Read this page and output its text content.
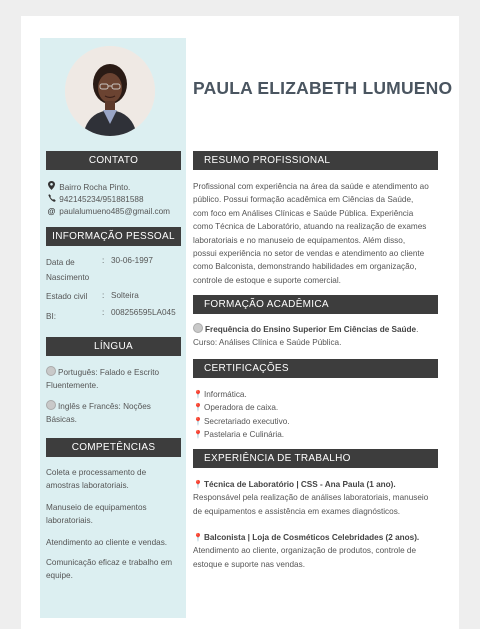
PAULA ELIZABETH LUMUENO
CONTATO
Bairro Rocha Pinto.
942145234/951881588
@ paulalumueno485@gmail.com
INFORMAÇÃO PESSOAL
Data de
Nascimento
: 30-06-1997
Estado civil : Solteira
BI:	: 008256595LA045
LÍNGUA
Português: Falado e Escrito
Fluentemente.
Inglês e Francês: Noções
Básicas.
COMPETÊNCIAS
Coleta e processamento de
amostras laboratoriais.
Manuseio de equipamentos
laboratoriais.
Atendimento ao cliente e vendas.
Comunicação eficaz e trabalho em
equipe.
RESUMO PROFISSIONAL
Profissional com experiência na área da saúde e atendimento ao
público. Possui formação acadêmica em Ciências da Saúde,
com foco em Análises Clínicas e Saúde Pública. Experiência
como Técnica de Laboratório, atuando na realização de exames
laboratoriais e no manuseio de equipamentos. Além disso,
possui experiência no setor de vendas e atendimento ao cliente
como Balconista, demonstrando habilidades em organização,
controle de estoque e suporte comercial.
FORMAÇÃO ACADÊMICA
Frequência do Ensino Superior Em Ciências de Saúde.
Curso: Análises Clínica e Saúde Pública.
CERTIFICAÇÕES
📍Informática.
📍Operadora de caixa.
📍Secretariado executivo.
📍Pastelaria e Culinária.
EXPERIÊNCIA DE TRABALHO
📍Técnica de Laboratório | CSS - Ana Paula (1 ano).
Responsável pela realização de análises laboratoriais, manuseio
de equipamentos e assistência em exames diagnósticos.
📍Balconista | Loja de Cosméticos Celebridades (2 anos).
Atendimento ao cliente, organização de produtos, controle de
estoque e suporte nas vendas.
